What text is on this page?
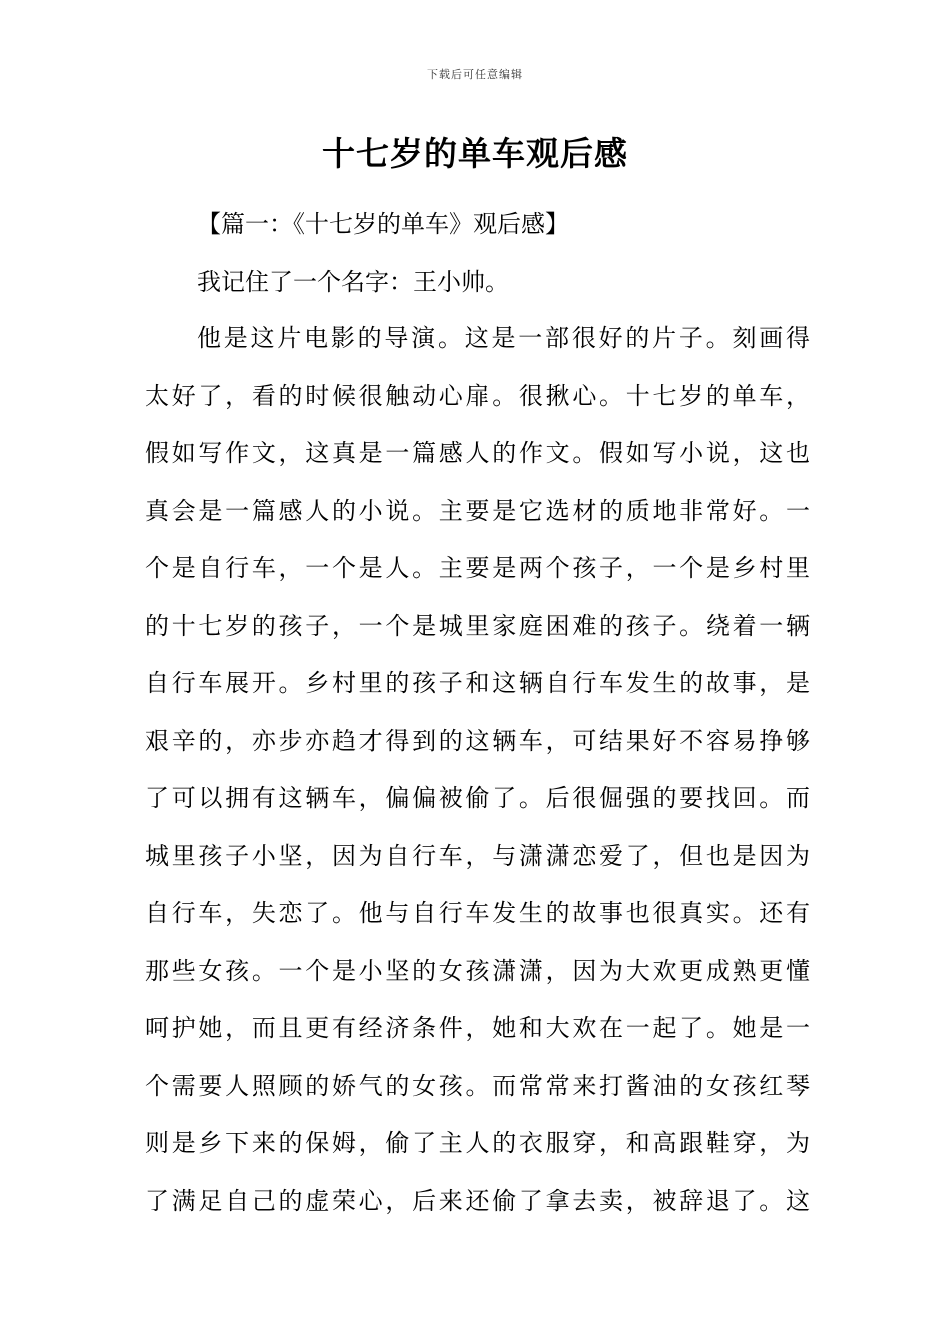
下载后可任意编辑
十七岁的单车观后感

【篇一：《十七岁的单车》观后感】

我记住了一个名字：王小帅。

他是这片电影的导演。这是一部很好的片子。刻画得
太好了，看的时候很触动心扉。很揪心。十七岁的单车，
假如写作文，这真是一篇感人的作文。假如写小说，这也
真会是一篇感人的小说。主要是它选材的质地非常好。一
个是自行车，一个是人。主要是两个孩子，一个是乡村里
的十七岁的孩子，一个是城里家庭困难的孩子。绕着一辆
自行车展开。乡村里的孩子和这辆自行车发生的故事，是
艰辛的，亦步亦趋才得到的这辆车，可结果好不容易挣够
了可以拥有这辆车，偏偏被偷了。后很倔强的要找回。而
城里孩子小坚，因为自行车，与潇潇恋爱了，但也是因为
自行车，失恋了。他与自行车发生的故事也很真实。还有
那些女孩。一个是小坚的女孩潇潇，因为大欢更成熟更懂
呵护她，而且更有经济条件，她和大欢在一起了。她是一
个需要人照顾的娇气的女孩。而常常来打酱油的女孩红琴
则是乡下来的保姆，偷了主人的衣服穿，和高跟鞋穿，为
了满足自己的虚荣心，后来还偷了拿去卖，被辞退了。这
